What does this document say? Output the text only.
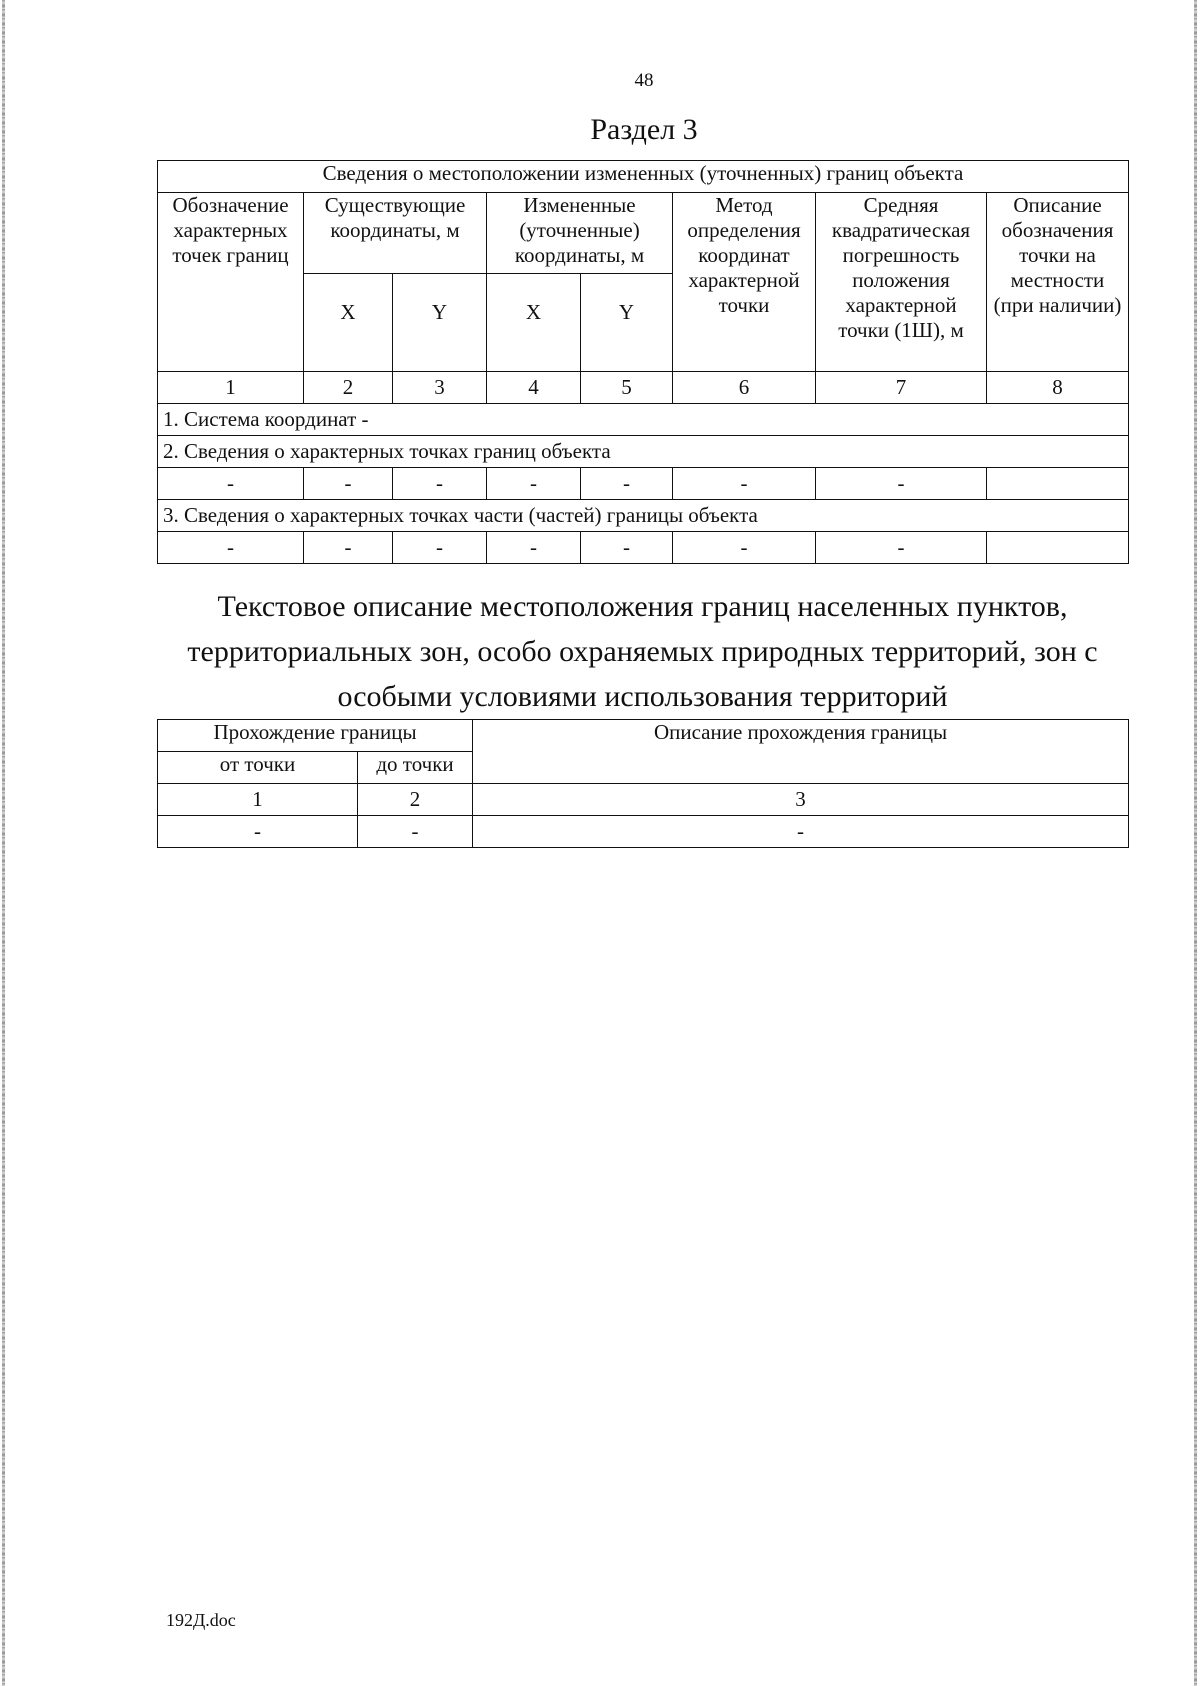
48
Раздел 3
Сведения о местоположении измененных (уточненных) границ объекта							
Обозначение характерных точек границ	Существующие координаты, м		Измененные (уточненные) координаты, м		Метод определения координат характерной точки	Средняя квадратическая погрешность положения характерной точки (1Ш), м	Описание обозначения точки на местности (при наличии)
	X	Y	X	Y			
1	2	3	4	5	6	7	8
1. Система координат -							
2. Сведения о характерных точках границ объекта							
-	-	-	-	-	-	-	
3. Сведения о характерных точках части (частей) границы объекта							
-	-	-	-	-	-	-	
Текстовое описание местоположения границ населенных пунктов,
территориальных зон, особо охраняемых природных территорий, зон с
особыми условиями использования территорий
Прохождение границы		Описание прохождения границы
от точки	до точки	
1	2	3
-	-	-
192Д.doc
